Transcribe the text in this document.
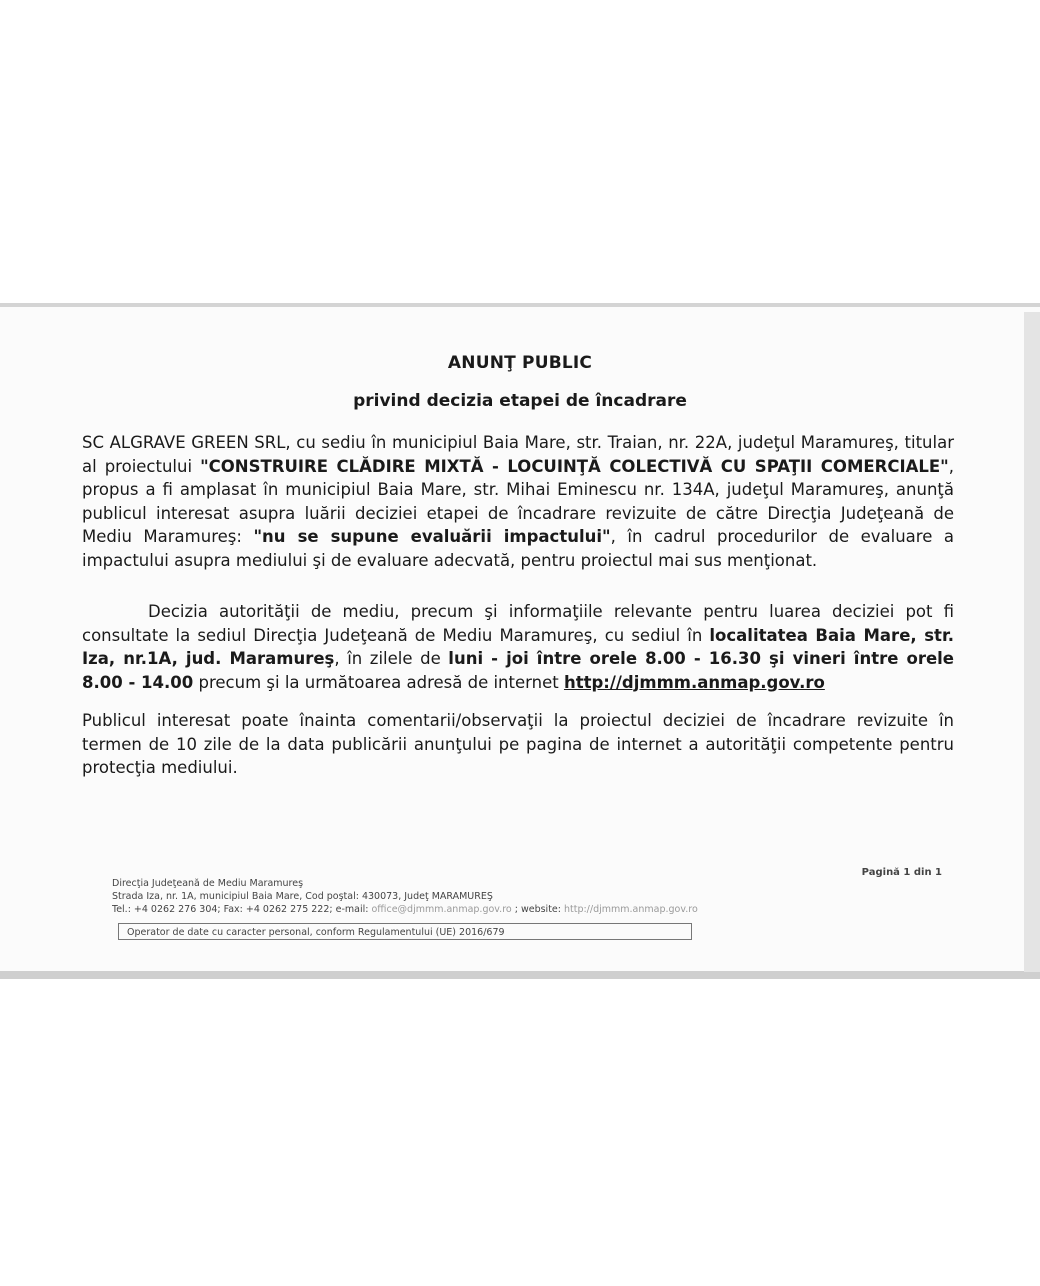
ANUNŢ PUBLIC
privind decizia etapei de încadrare

SC ALGRAVE GREEN SRL, cu sediu în municipiul Baia Mare, str. Traian, nr. 22A, judeţul Maramureş, titular al proiectului "CONSTRUIRE CLĂDIRE MIXTĂ - LOCUINŢĂ COLECTIVĂ CU SPAŢII COMERCIALE", propus a fi amplasat în municipiul Baia Mare, str. Mihai Eminescu nr. 134A, judeţul Maramureş, anunţă publicul interesat asupra luării deciziei etapei de încadrare revizuite de către Direcţia Judeţeană de Mediu Maramureş: "nu se supune evaluării impactului", în cadrul procedurilor de evaluare a impactului asupra mediului şi de evaluare adecvată, pentru proiectul mai sus menţionat.

Decizia autorităţii de mediu, precum şi informaţiile relevante pentru luarea deciziei pot fi consultate la sediul Direcţia Judeţeană de Mediu Maramureş, cu sediul în localitatea Baia Mare, str. Iza, nr.1A, jud. Maramureş, în zilele de luni - joi între orele 8.00 - 16.30 şi vineri între orele 8.00 - 14.00 precum şi la următoarea adresă de internet http://djmmm.anmap.gov.ro

Publicul interesat poate înainta comentarii/observaţii la proiectul deciziei de încadrare revizuite în termen de 10 zile de la data publicării anunţului pe pagina de internet a autorităţii competente pentru protecţia mediului.

Pagină 1 din 1
Direcţia Judeţeană de Mediu Maramureş
Strada Iza, nr. 1A, municipiul Baia Mare, Cod poştal: 430073, Judeţ MARAMUREŞ
Tel.: +4 0262 276 304; Fax: +4 0262 275 222; e-mail: office@djmmm.anmap.gov.ro ; website: http://djmmm.anmap.gov.ro
Operator de date cu caracter personal, conform Regulamentului (UE) 2016/679
